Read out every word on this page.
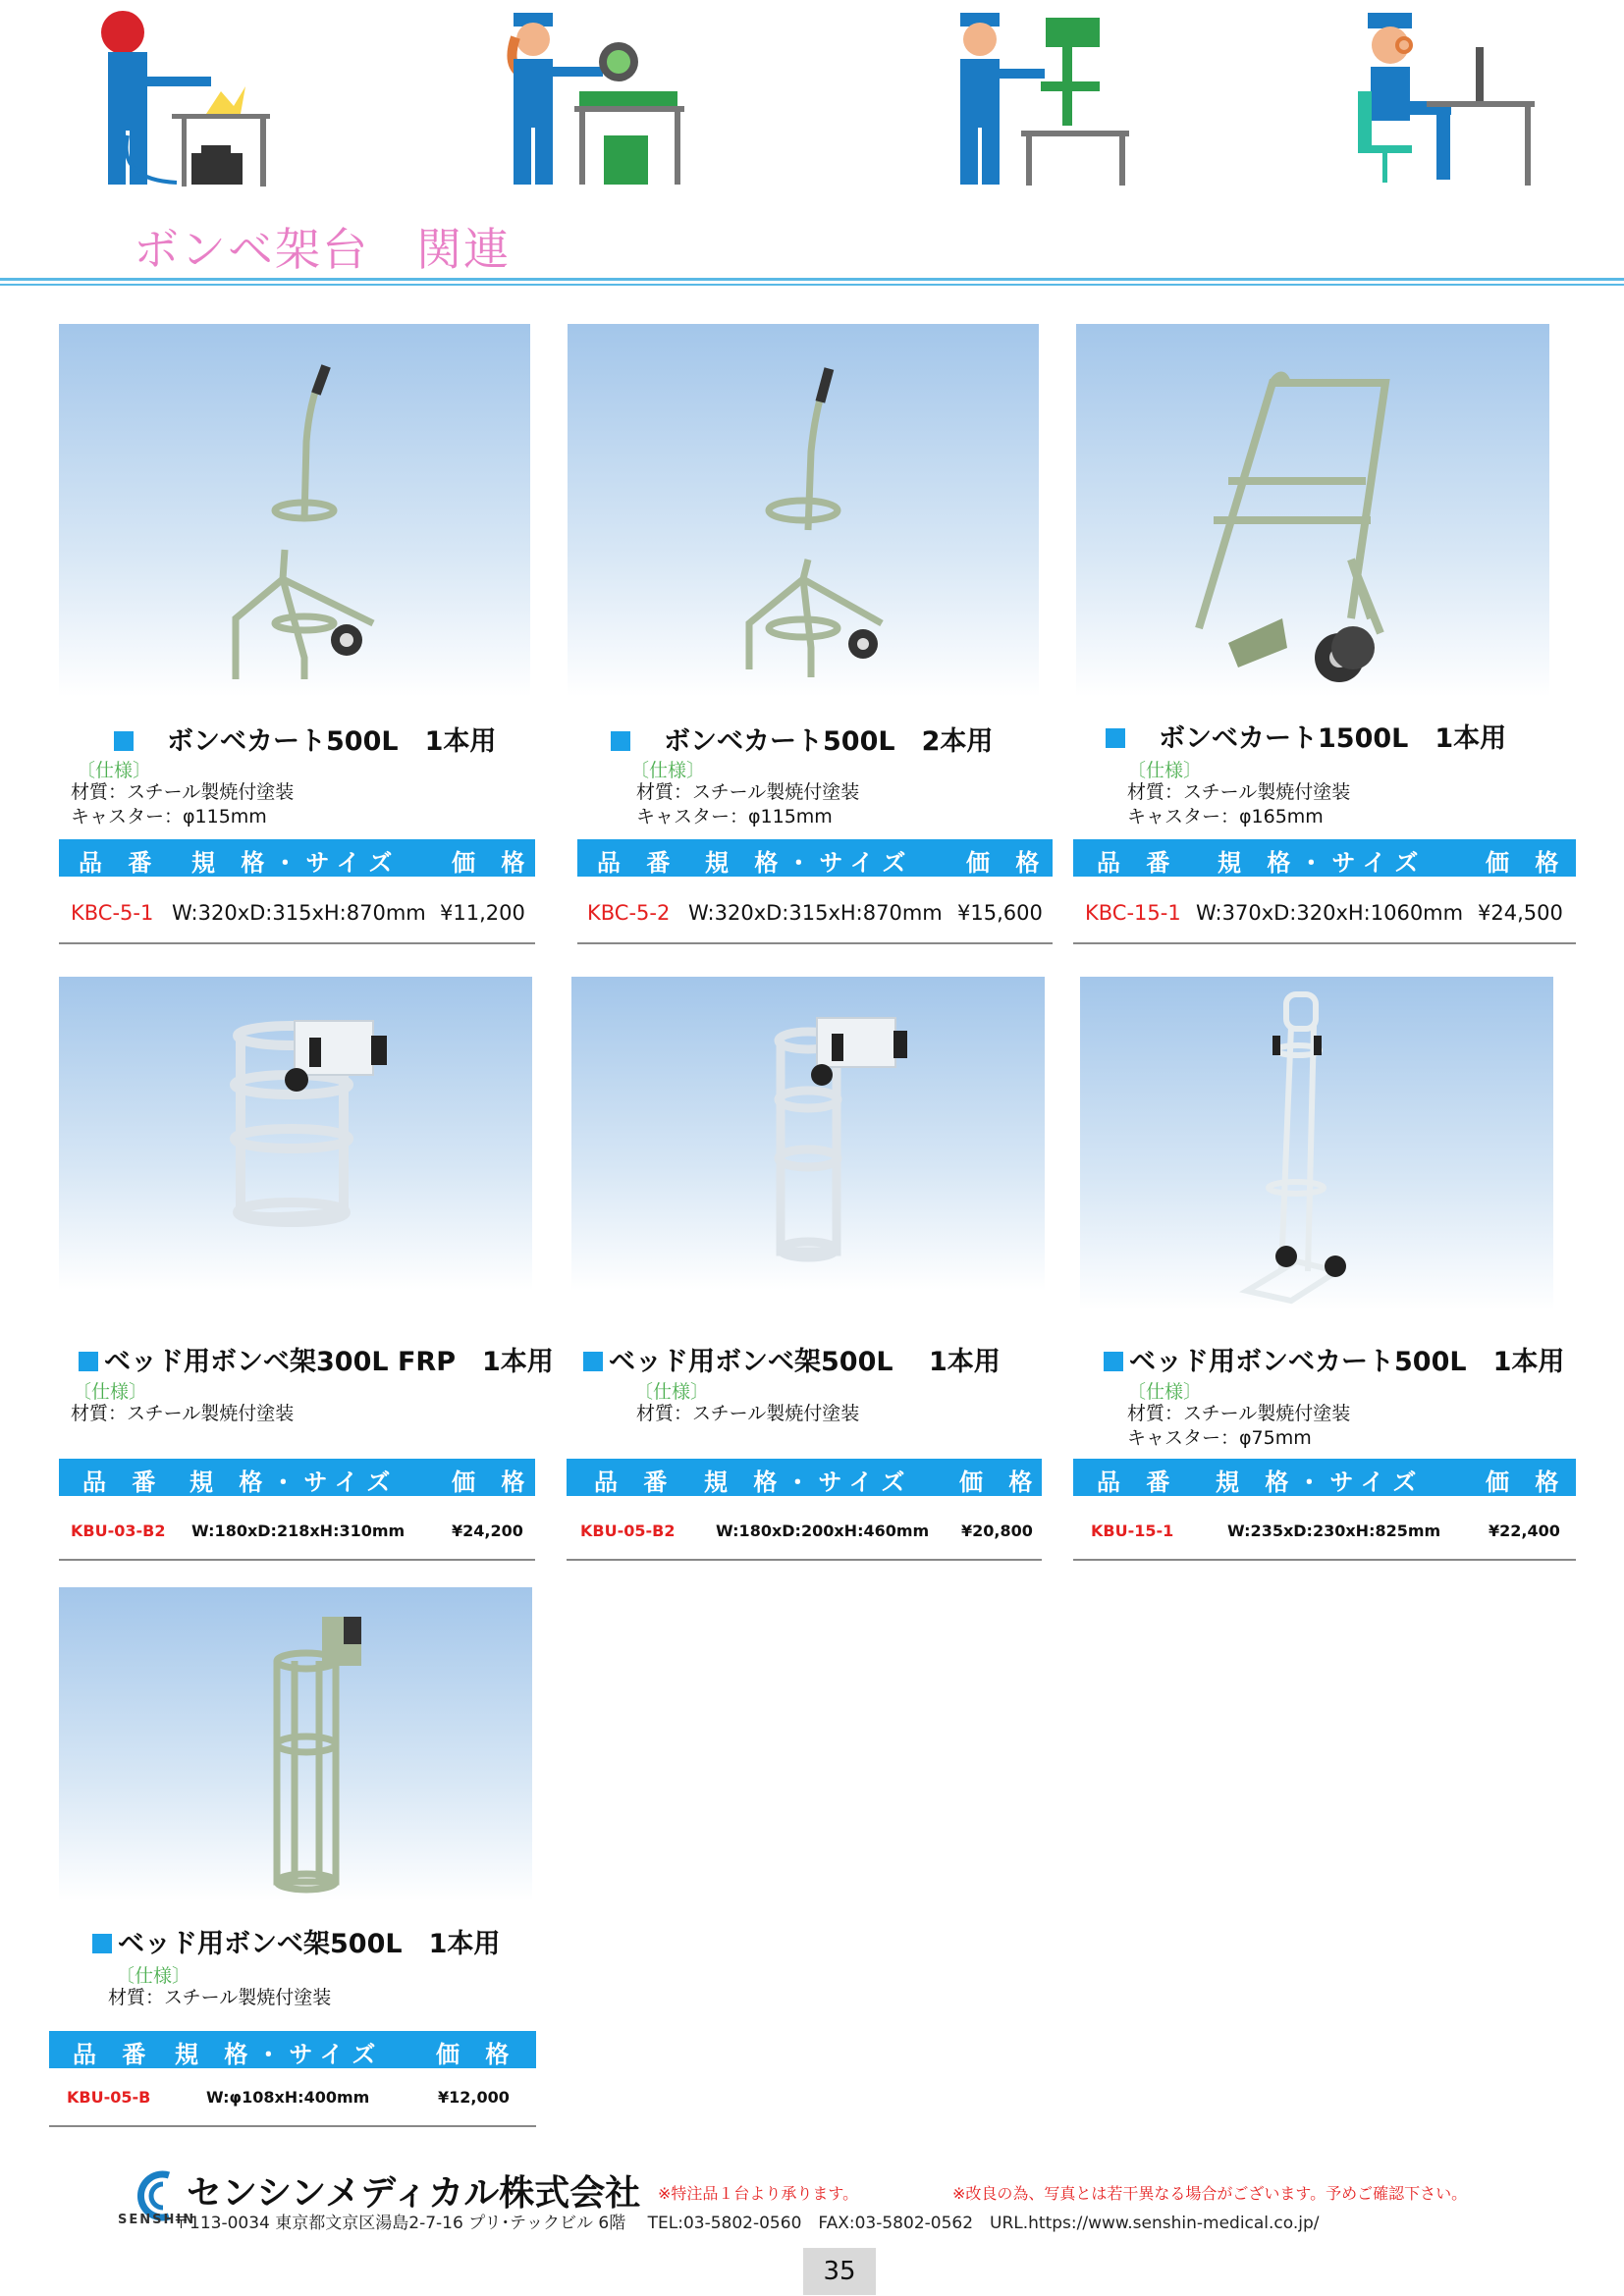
ボンベ架台　関連
ボンベカート500L　1本用
〔仕様〕
材質：スチール製焼付塗装
キャスター：φ115mm
品 番 規 格・サイズ 価 格
KBC-5-1 W:320xD:315xH:870mm ¥11,200
ボンベカート500L　2本用
〔仕様〕
材質：スチール製焼付塗装
キャスター：φ115mm
品 番 規 格・サイズ 価 格
KBC-5-2 W:320xD:315xH:870mm ¥15,600
ボンベカート1500L　1本用
〔仕様〕
材質：スチール製焼付塗装
キャスター：φ165mm
品 番 規 格・サイズ 価 格
KBC-15-1 W:370xD:320xH:1060mm ¥24,500
ベッド用ボンベ架300L FRP　1本用
〔仕様〕
材質：スチール製焼付塗装
品 番 規 格・サイズ 価 格
KBU-03-B2 W:180xD:218xH:310mm	¥24,200
ベッド用ボンベ架500L　 1本用
〔仕様〕
材質：スチール製焼付塗装
品 番 規 格・サイズ 価 格
KBU-05-B2	W:180xD:200xH:460mm ¥20,800
ベッド用ボンベカート500L　1本用
〔仕様〕
材質：スチール製焼付塗装
キャスター：φ75mm
品 番 規 格・サイズ	価 格
KBU-15-1	W:235xD:230xH:825mm	¥22,400
ベッド用ボンベ架500L　1本用
〔仕様〕
材質：スチール製焼付塗装
品 番 規 格・サイズ 価 格
KBU-05-B	W:φ108xH:400mm	¥12,000
センシンメディカル株式会社
SENSHIN
※特注品１台より承ります。	※改良の為、写真とは若干異なる場合がございます。予めご確認下さい。
〒113-0034 東京都文京区湯島2-7-16 プリ･テックビル 6階　 TEL:03-5802-0560　FAX:03-5802-0562　URL.https://www.senshin-medical.co.jp/
35
